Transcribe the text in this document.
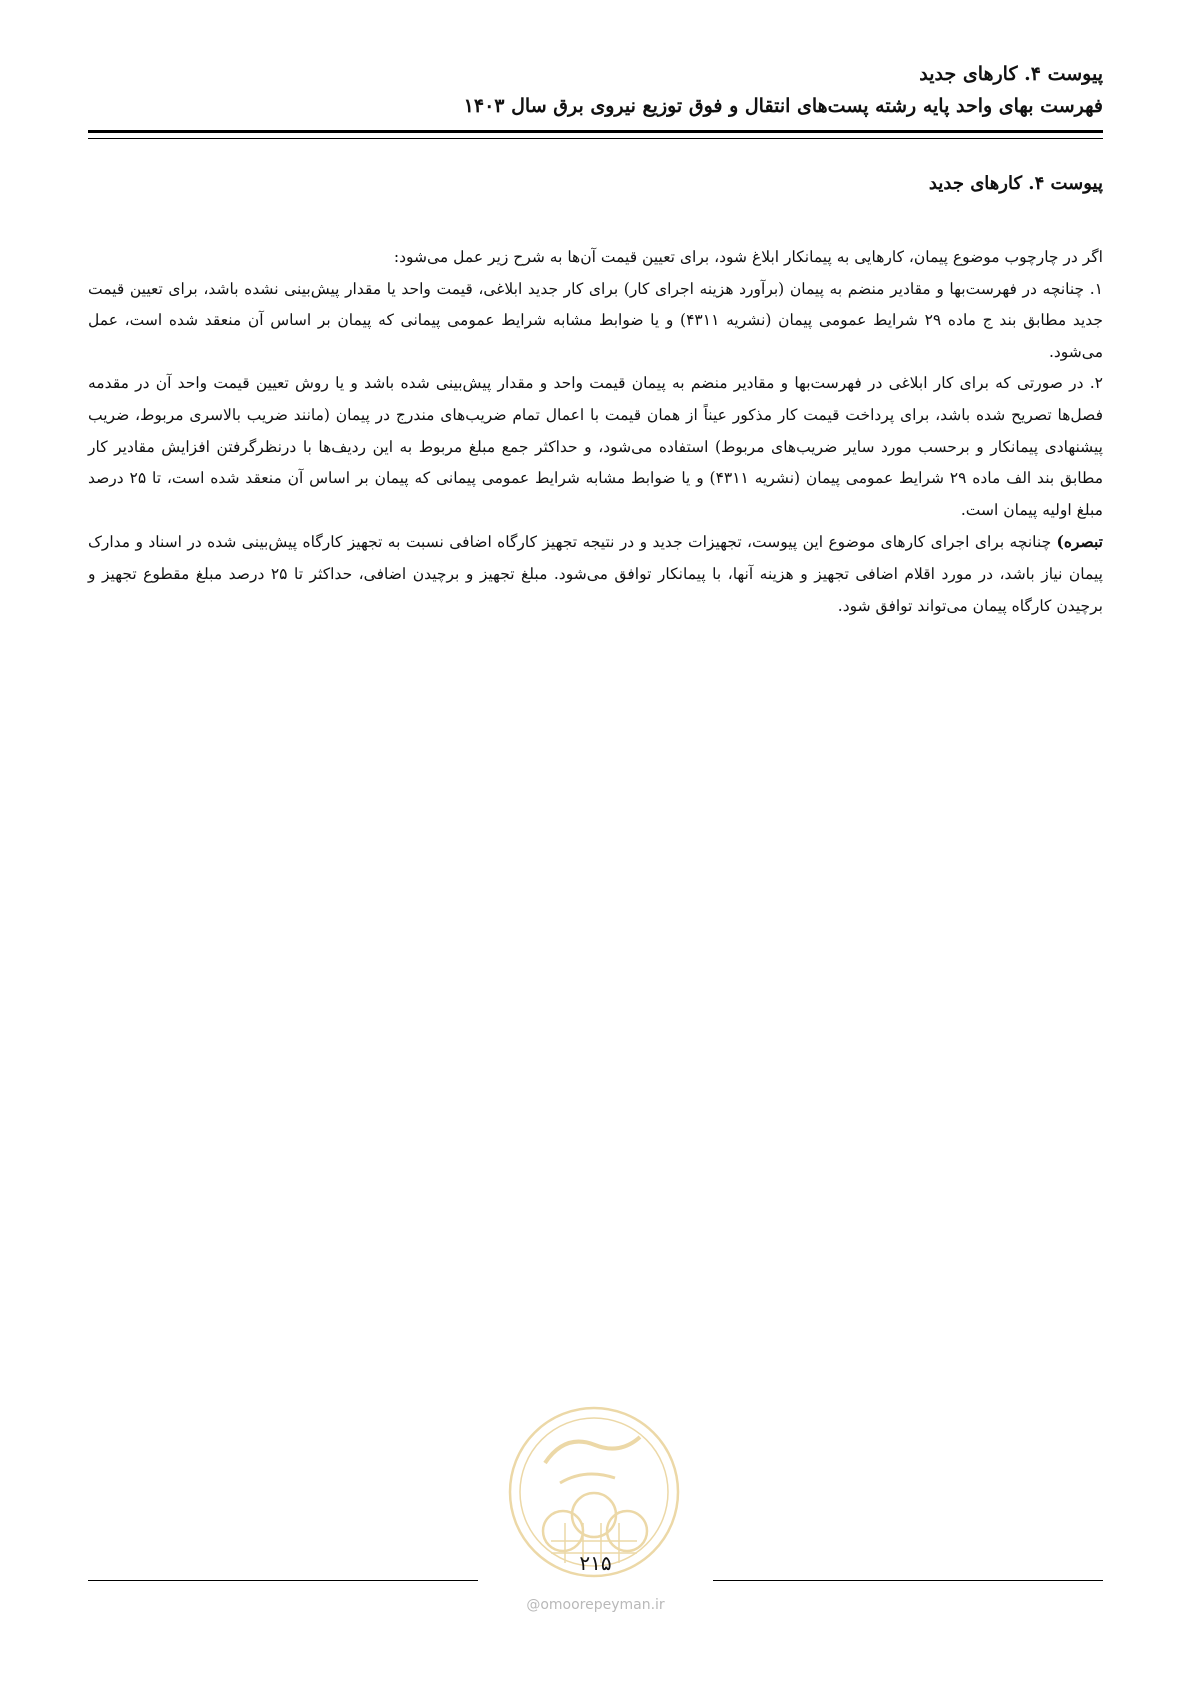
پیوست ۴. کارهای جدید
فهرست بهای واحد پایه رشته پست‌های انتقال و فوق توزیع نیروی برق سال ۱۴۰۳
پیوست ۴. کارهای جدید

اگر در چارچوب موضوع پیمان، کارهایی به پیمانکار ابلاغ شود، برای تعیین قیمت آن‌ها به شرح زیر عمل می‌شود:

۱. چنانچه در فهرست‌بها و مقادیر منضم به پیمان (برآورد هزینه اجرای کار) برای کار جدید ابلاغی، قیمت واحد یا مقدار پیش‌بینی نشده باشد، برای تعیین قیمت جدید مطابق بند ج ماده ۲۹ شرایط عمومی پیمان (نشریه ۴۳۱۱) و یا ضوابط مشابه شرایط عمومی پیمانی که پیمان بر اساس آن منعقد شده است، عمل می‌شود.

۲. در صورتی که برای کار ابلاغی در فهرست‌بها و مقادیر منضم به پیمان قیمت واحد و مقدار پیش‌بینی شده باشد و یا روش تعیین قیمت واحد آن در مقدمه فصل‌ها تصریح شده باشد، برای پرداخت قیمت کار مذکور عیناً از همان قیمت با اعمال تمام ضریب‌های مندرج در پیمان (مانند ضریب بالاسری مربوط، ضریب پیشنهادی پیمانکار و برحسب مورد سایر ضریب‌های مربوط) استفاده می‌شود، و حداکثر جمع مبلغ مربوط به این ردیف‌ها با درنظرگرفتن افزایش مقادیر کار مطابق بند الف ماده ۲۹ شرایط عمومی پیمان (نشریه ۴۳۱۱) و یا ضوابط مشابه شرایط عمومی پیمانی که پیمان بر اساس آن منعقد شده است، تا ۲۵ درصد مبلغ اولیه پیمان است.

تبصره) چنانچه برای اجرای کارهای موضوع این پیوست، تجهیزات جدید و در نتیجه تجهیز کارگاه اضافی نسبت به تجهیز کارگاه پیش‌بینی شده در اسناد و مدارک پیمان نیاز باشد، در مورد اقلام اضافی تجهیز و هزینه آنها، با پیمانکار توافق می‌شود. مبلغ تجهیز و برچیدن اضافی، حداکثر تا ۲۵ درصد مبلغ مقطوع تجهیز و برچیدن کارگاه پیمان می‌تواند توافق شود.

۲۱۵
@omoorepeyman.ir
